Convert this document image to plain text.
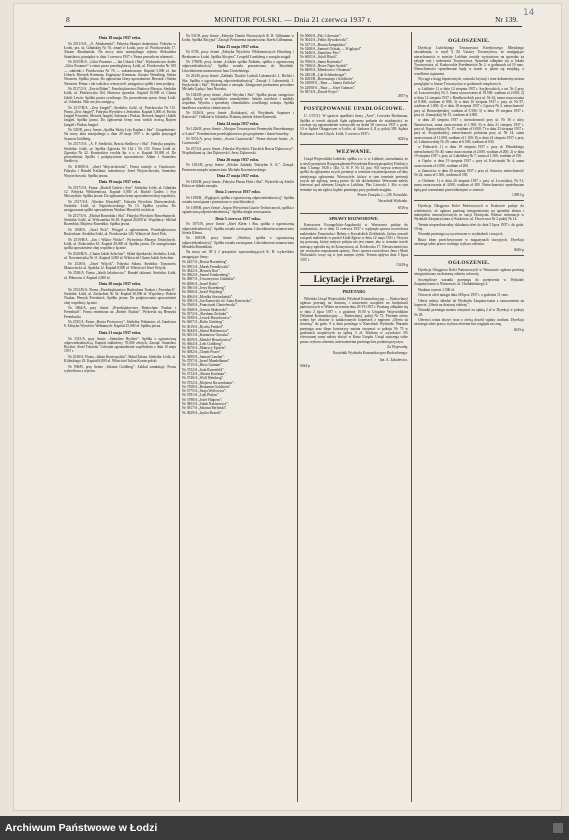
8	MONITOR POLSKI. — Dnia 21 czerwca 1937 r.	Nr 139.
14
Dnia 18 maja 1937 roku.

Nr 2511/3/A. „A. Abrahamski”, Fabryka Skarpet doniesiono. Fabryka w Łodzi, prz. ul. Gdańskiej Nr 76, zmarł w Łodzi, przy ul. Piotrkowskiej 17. Abram Abrahamski. Na mocy aktu notarjalnego rejentu Aleksandra Stanisława, pomiędzy w dniu 1 czerwca 1937 r. Firma przeszła na własność...

Nr 2015/B/A. „Gilos Pozamer — Jan Urbach i Ska”. Wydawnictwo dzieło „Gilos Pozamer” z ziemi przez przedsiębiorcę. Łódź, ul. Piotrkowska Nr 100 — sukienki i Piotrkowska Nr 76 — zakonkowany. Kapitał 5,000 zł. Jan Urbach. Herszek Krenman, Eugenjusz Krenman, Gustaw Wenzberg, Stefan Neustein. Spółka jawna. Do zgłoszenia firmy upoważnieni: Herszek i Stefan Neustein. Prima: i tab wekslu u wierzycieli; zastępstwo spółki i inne podpisy.

Nr 2517/2/A. „Erwin Böhm”, Przedsiębiorstwo Budowy Maszyn. Siedziba Łódź, ul. Piotrkowska 164. Hurtowa sprzedaż. Kapitał 10,000 zł. Chaim Jakób Lewin. Spółka prawa cywilnego. Do prowadzenia spraw firmy Łódź, ul. Gdańska. Nikt nie jest zastępcą.

Nr 2517/B/A. „Zew Jangiel”, Siedziba: Łódź, ul. Piotrkowska Nr 115. Firma „Zew Jangiel”, Fabryka Wyrobów z Jedwabiu. Kapitał 5,000 zł. Pachis Jangiel Pomirski, Moszek Jangiel, Salomon i Pinkus, Herszek Jangiel i Jakób Jangiel. Spółka jawna. Do zgłoszenia firmy oraz weksli tworzą Rojzen Jangiel i Pinkus Jangiel.

Nr 529/B, prwy firmie „Spółka Skórę Leja Kaplan i Ska”. Uzupełnienie: Na mocy aktu notarjalnego z dnia 29 maja 1937 r. do spółki przystąpił Szymon Goldberg.

Nr 2517/3/A. „A. F. Siedlecki, Bracia Siedleccy i Ska”. Fabryka przędzy. Siedziba: Łódź, ul. Spółka Zgierska Nr 144 i Nr 135. Firma Łódź ul. Zgierska Nr 22. Konstruktor zwykła Sp. z o. o. Kapitał 50,000 zł. Do prowadzenia Spółki i podpisywania upoważnieni: Adam i Stanisław Siedleccy.

Nr 1169/B/A. „Józef Wojciechowski”, Firma istnieje w Ozorkowie. Fabryka i Handel Kaflami; udziałowcy: Józef Wojciechowski, Stanisław Wojciechowski. Spółka jawna.

Dnia 19 maja 1937 roku.

Nr 2517/3/A. Firma: „Rudolf Gadeis i Syn”. Siedziba: Łódź, ul. Gdańska 12. Fabryka Włókiennicza. Kapitał 5,000 zł. Rudolf Gadeis i Syn Mieczysław. Spółka jawna. Do zgłaszania firmy upoważnieni obaj wspólnicy.

Nr 2517/3/A. „Wacław Hirszfeld”, Fabryka Wyrobów Dziewiarskich. Siedziba: Łódź, ul. Napiórkowskiego Nr 13. Spółka cywilna. Do zastępowania spółki upoważniony Wacław Hirszfeld osobiście.

Nr 2517/5/A. „Michał Rozenblat i Ska”. Fabryka Wyrobów Bawełnianych. Siedziba: Łódź, ul. Wólczańska Nr 65. Kapitał 20,000 zł. Wspólnicy: Michał Rozenblat, Mojżesz Rozenblat. Spółka jawna.

Nr 1008/A. „Józef Pick”. Wstąpił z ogłoszeniem. Przedsiębiorstwo Budowlane. Siedziba Łódź, ul. Piotrkowska 120. Właściciel Józef Pick.

Nr 2519/B/A. „Jan i Wiktor Wittke”. Wytwórnia Maszyn Tekstylnych. Łódź, ul. Rokicińska 65. Kapitał 40,000 zł. Spółka jawna. Do zastępowania spółki upoważnieni obaj wspólnicy łącznie.

Nr 2520/B/A. „Chaim Jakób Szlechter”, Skład Aptekarski. Siedziba: Łódź, ul. Nowomiejska Nr 11. Kapitał 3,000 zł. Właściciel Chaim Jakób Szlechter.

Nr 2528/A. „Józef Wójcik”, Fabryka Sukna. Siedziba: Tomaszów Mazowiecki, ul. Spalska 12. Kapitał 8,000 zł. Właściciel Józef Wójcik.

Nr 2530/A. Firma „Jakób Jakubowicz”. Handel skórami. Siedziba: Łódź, ul. Północna 4. Kapitał 2,000 zł.

Dnia 20 maja 1937 roku.

Nr 2531/B/A. Firma „Przedsiębiorstwo Budowlane Noakar i Ferenbach”. Siedziba: Łódź, ul. Zachodnia Nr 34. Kapitał 30,000 zł. Wspólnicy: Robert Noakar, Henryk Ferenbach. Spółka jawna. Do podpisywania upoważnieni obaj wspólnicy łącznie.

Nr 1864/A, przy firmie „Przedsiębiorstwo Budowlane Noakar i Ferenbach”. Firma zmieniona na „Robert Noakar”. Wykreśla się Henryka Ferenbacha.

Nr 2535/A. Firma „Bracia Piotrowscy”. Siedziba: Pabianice, ul. Zamkowa 8. Fabryka Wyrobów Wełnianych. Kapitał 25,000 zł. Spółka jawna.

Dnia 21 maja 1937 roku.

Nr 1515/A, przy firmie „Stanisław Rychter”. Spółka z ograniczoną odpowiedzialnością. Kapitał zakładowy 70,000 złotych. Zarząd: Stanisław Rychter, Józef Tokarski. Uchwała zgromadzenia wspólników z dnia 10 maja 1937 r.

Nr 2538/A. Firma „Julian Koniecpolski”, Skład Żelaza. Siedziba: Łódź, ul. Kilińskiego 28. Kapitał 6,000 zł. Właściciel Julian Koniecpolski.

Nr 936/B, przy firmie „Szlama Goldberg”. Zakład zamknięty. Firma wykreślona z rejestru.

Nr 531/B, przy firmie „Fabryka Tkanin Wzorzystych R. B. Gilbmann w Łodzi, Spółka Akcyjna”. Zarząd: Prokurenta ustanowiono Józefa Gilbmanna.

Dnia 25 maja 1937 roku.

Nr 67/B, prwy firmie „Fabryka Wyrobów Włókienniczych Hirszberg i Birnbaum w Łodzi, Spółka Akcyjna”. Leopold Landsberg z zarządu ustąpił.

Nr 1789/B, prwy firmie „Łódzka spółka Nabiału, spółka z ograniczoną odpowiedzialnością”. Spółka została przeniesiona do Skrzelnik. Likwidatorem ustanowiono Jana Ciesielskiego.

Nr 261/B, prwy firmie „Zakłady Tkackie Ludwik Lubomirski. L. Bielski i Ska. Spółka z ograniczoną odpowiedzialnością”. Zarząd: I. Lubomirski. J. Strykowski i Ska”. Wykreślono z zarządu. Zastępcami prokuranta powołano Michała Gąskę i Jana Nowaka.

Nr 1643/B, prwy firmie „Józef Woydan i Ska”. Spółka jawna, zastępstwo spółki: każdy ze wspólników samodzielnie. Szkoła wyrobów i zakłady wspólnot. Wyrobu i sprzedaży chemikaliów wszelkiego rodzaju. Spółka handlowa wyrobów chemicznych.

Nr 1026/A, prwy firmie „Kodakopol, wł. Woydanek, Szpauser i Kniewski”. Oddział w Gdańsku. Prokurę udziela Adam Kniewski.

Dnia 24 maja 1937 roku.

Nr 1226/B, prwy firmie „Akcyjne Towarzystwo Przemysłu Bawełnianego w Łodzi”. Przedmiotem przedsiębiorstwa jest przędzenie i tkanie bawełny.

Nr 9551/A, prwy firmie „Arcon Czarnowski”. Firma obecnie brzmi „A. Czarnowski”.

Nr 2572/A, prwy firmie „Fabryka Wyrobów Tkackich Bracia Dąbrowscy”. Wspólnikami są: Jan Dąbrowski i Jerzy Dąbrowski.

Dnia 26 maja 1937 roku.

Nr 1651/B, prwy firmie „Polskie Zakłady Tekstylne S. A.”. Zarząd: Prezesem zarządu ustanowiono Michała Korzeniewskiego.

Dnia 27 maja 1937 roku.

Nr 1456/B, prwy firmie „Fabryka Pluszu Holz i Ska”. Wykreśla się Adolfa Holza ze składu zarządu.

Dnia 2 czerwca 1937 roku.

Nr 1198/B, „Węglopol, spółka z ograniczoną odpowiedzialnością”. Spółka została rozwiązana i postawiona w stan likwidacji.

Nr 1189/B, prwy firmie „Argon Wytwórnia Gazów Technicznych, spółka z ograniczoną odpowiedzialnością”. Spółka uległa rozwiązaniu.

Dnia 3 czerwca 1937 roku.

Nr 1071/B, prwy firmie „Józef Klein i Ska, spółka z ograniczoną odpowiedzialnością”. Spółka została rozwiązana. Likwidatorem ustanowiono Józefa Kleina.

Nr 1683/B, prwy firmie „Wartbos, spółka z ograniczoną odpowiedzialnością”. Spółka została rozwiązana. Likwidatorem ustanowiono Mendela Rosenblata.

Na mocy art. 38 § 2 przepisów wprowadzających K. H. wykreślono następujące firmy:

Nr 2457/A „Bracia Rozenberg”.

Nr 3901/A „Marek Frendlowski”.

Nr 3842/A „Henoch Kon”.

Nr 3862/A „Szmul Frankenberg”.

Nr 3887/A „Towarzystwo Gdańskie”.

Nr 4006/A „Izrael Kohn”.

Nr 3961/A „Jerzy Rozenberg”.

Nr 3966/A „Izrael Wajsberg”.

Nr 4064/A „Mordka Starozdański”.

Nr 3581/A „Jan Kanowski wł. Anna Kanowska”.

Nr 3560/A „Franciszek Chmielewski”.

Nr 3568/A „Gerson Skalewski”.

Nr 3572/A „Abraham Zielonki”.

Nr 3590/A „Lewek Boruchowicz”.

Nr 3607/A „Rufin Ginsberg”.

Nr 3619/A „Rywka Frenkel”.

Nr 3644/A „Szmul Rubinowicz”.

Nr 3651/A „Kazimierz Gruszka”.

Nr 3659/A „Mendel Herszkowicz”.

Nr 3664/A „Leib Goldberg”.

Nr 3670/A „Maurycy Epstein”.

Nr 3682/A „Chaim Fiszer”.

Nr 3699/A „Samuel Landau”.

Nr 3707/A „Izrael Mandelbaum”.

Nr 3715/A „Hirsz Gutman”.

Nr 3722/A „Juda Rozenfeld”.

Nr 3734/A „Abram Kaufman”.

Nr 3740/A „Wolf Weinberg”.

Nr 3752/A „Mojżesz Kirszenbaum”.

Nr 3768/A „Beniamin Goldstein”.

Nr 3775/A „Szaja Wolfowicz”.

Nr 3781/A „Lejb Pinkus”.

Nr 3798/A „Józef Halpern”.

Nr 3803/A „Jakub Rabinowicz”.

Nr 3817/A „Szloma Berlinski”.

Nr 3829/A „Izydor Brandt”.

Nr 5006/A „Pik i Libersam”.

Nr 5044/A „Feliks Rywakowski”.

Nr 5271/A „Bronia Kempińska”.

Nr 5208/A „Samuel Ochsak — Wąglopol”.

Nr 5446/A „Stanisław Pers”.

Nr 6005/A „Adolf Błach”.

Nr 7006/A „Sama Rozenzka”.

Nr 7496/A „Herze Najer Szolek”.

Nr 8409/A „Mendowicz i Neuman”.

Nr 2401/B „Lah Schlensberger”.

Nr 2603/B „Borensztajn i Goldstein”.

Nr 23099/A „ Bara — Janina Zielicka”.

Nr 22000/A „ Bara — Józef Gutman”.

Nr 5874/A „Dawid Frejer”.

2957-p
POSTĘPOWANIE UPADŁOŚCIOWE.

U. 1/37/21. W sprawie upadłości firmy „Arce”, Leworka Hochmana, Spółka w trzech akcjach Sądu ogłoszono podanie do wiadomości, że zwołuje się zgromadzenie wierzycieli na dzień 30 czerwca 1937 r. godz. 10 w Sądzie Okręgowym w Łodzi, ul. Sadowa 4, II p. pokój 309. Sędzia Komisarz: Leon Ulrych. Łódź, 5 czerwca 1937 r.

6025-p
WEZWANIE.

Urząd Wojewódzki Lubelski, spółka z o. o. w Lublinie, zawiadamia, że w myśl przepisów Rozporządzenia Prezydenta Rzeczypospolitej Polskiej z dnia 3 lutego 1928 r. (Dz. U. R. P. Nr 13, poz. 93) wzywa wierzycieli spółki do zgłoszenia swych pretensji w terminie trzymiesięcznym od daty niniejszego ogłoszenia. Wierzyciele, którzy w tym terminie pretensji swych nie zgłoszą, utracą prawo do ich dochodzenia. Wezwania należy kierować pod adresem Urzędu w Lublinie, Plac Litewski 1. Kto w tym terminie się nie zgłosi, będzie pominięty przy podziale majątku.

Prezes Zarządu: (—) M. Kowalski.
Naczelnik Wydziału.
6516-p
SPRAWY ROZWODOWE.

Konsystorz Ewangelicko-Augsburski w Warszawie podaje do wiadomości, że w dniu 15 czerwca 1937 r. wpłynęła sprawa rozwodowa małżonków Franciszka i Heleny z Kowalskich Zielińskich, którzy zawarli związek małżeński w parafii Łódź-Zgierz w dniu 12 maja 1931 r. Wzywa się pozwaną, której miejsce pobytu nie jest znane, aby w terminie trzech miesięcy zgłosiła się do Konsystorza, ul. Królewska 17. Niestawiennictwo nie wstrzyma rozpoznania sprawy. Oraz: sprawa rozwodowa Jana i Marii Walczaków toczy się w tym samym trybie. Termin upływa dnia 5 lipca 1937 r.

15418-g
Licytacje i Przetargi.
PRZETARG

Wileński Urząd Wojewódzki (Wydział Komunikacyjny — Budowlany) ogłasza przetarg na dostawę i ustawienie urządzeń na budynkach państwowych w Wilnie na termin dnia 29.VI.1937 r. Przetarg odbędzie się w dniu 2 lipca 1937 r. o godzinie 10.00 w Urzędzie Wojewódzkim (Wydział Komunikacyjny — Budowlany), pokój Nr 75. Pisemne oferty winny być złożone w zalakowanych kopertach z napisem „Oferta na dostawę” do godz. 9 w dniu przetargu w Kancelarii Wydziału. Warunki przetargu oraz ślepe kosztorysy można otrzymać w pokoju Nr 75 w godzinach urzędowych za opłatą 3 zł. Wadium w wysokości 5% oferowanej sumy należy złożyć w Kasie Urzędu. Urząd zastrzega sobie prawo wyboru oferenta, unieważnienia przetargu bez podania przyczyn.

Za Wojewodę:
Naczelnik Wydziału Komunikacyjno-Budowlanego:
Inż. A. Zakolewicz.
6044-p
OGŁOSZENIE.

Dyrekcja Lubelskiego Towarzystwa Kredytowego Miejskiego zawiadamia, w myśl § 82 Ustawy Towarzystwa, że następujące nieruchomości w mieście Lublinie zostały wystawione na sprzedaż za zaległe raty i należności Towarzystwa. Sprzedaż odbędzie się w lokalu Towarzystwa, ul. Krakowskie Przedmieście Nr 2, w godzinach od 10 rano. Nieruchomości sprzedawane będą w stanie w jakim się znajdują, z wszelkimi ciężarami.

Wyciągi z ksiąg hipotecznych, warunki licytacji i inne dokumenty można przeglądać w biurze Towarzystwa w godzinach urzędowych.

w Lublinie: 1) w dniu 12 sierpnia 1937 r. Szyjkowskich, z art. Nr 2 przy ul. Łuszczewskiej Nr 3. Suma oszacowania zł 19.500, wadium zł 2.000; 2) w dniu 12 sierpnia 1937 r. Bendkowskich przy ul. Nr 62, suma oszacowania zł 8.000, wadium zł 800; 3) w dniu 16 sierpnia 1937 r. przy ul. Nr 97, wadium zł 1.000; 4) w dniu 18 sierpnia 1937 r. Lipowa Nr 2, nieruchomość przy ul. Bernardyńskiej, wadium zł 5.500; 5) w dniu 19 sierpnia 1937 r. przy ul. Zamojskiej Nr 15, wadium zł 4.000.

w dniu 20 sierpnia 1937 r. nieruchomość przy ul. Nr 36 z ulicy Narutowicza, suma oszacowania zł 1.500; 6) w dniu 21 sierpnia 1937 r. przy ul. Kapucyńskiej Nr 17, wadium zł 3.000; 7) w dniu 23 sierpnia 1937 r. przy ul. Świętoduskiej, nieruchomość położona przy ul. Nr 14, suma oszacowania zł 11.000, wadium zł 1.100; 8) w dniu 24 sierpnia 1937 r. przy ul. Lubartowskiej Nr 29, suma zł 6.500, wadium zł 650.

w Puławach: 1) w dniu 19 sierpnia 1937 r. przy ul. Piłsudskiego nieruchomość Nr 40, suma oszacowania zł 2.000, wadium zł 200; 2) w dniu 19 sierpnia 1937 r. przy ul. Lubelskiej Nr 7, suma zł 1.500, wadium zł 150.

w Opolu: w dniu 19 sierpnia 1937 r. przy ul. Kościuszki Nr 4, suma oszacowania zł 2.000, wadium zł 200.

w Zamościu: w dniu 20 sierpnia 1937 r. przy ul. Staszica, nieruchomość Nr 24, suma zł 5.500, wadium zł 550.

w Chełmie: 1) w dniu 20 sierpnia 1937 r. przy ul. Lwowskiej, Nr 51, suma oszacowania zł 4.000, wadium zł 400. Nieruchomości sprzedawane będą pod warunkami przewidzianymi w ustawie.

13991-g

Dyrekcja Okręgowa Kolei Państwowych w Krakowie podaje do wiadomości, że ogłasza przetarg nieograniczony na sprzedaż złomu i materjałów staroużytecznych ze stacji Oświęcim. Bliższe informacje w Wydziale Zaopatrywania w Krakowie, ul. Dworcowa Nr 2 pokój Nr 14.

Termin nieprzekraczalny składania ofert do dnia 5 lipca 1937 r. do godz. 10-tej.

Warunki przetargu są wywieszone w wydziałach i stacjach.

Biura złom przechowywane w magazynach stacyjnych. Dyrekcja zastrzega sobie prawo wolnego wyboru oferenta.

6026-p
OGŁOSZENIE.

Dyrekcja Okręgowa Kolei Państwowych w Warszawie ogłasza przetarg nieograniczony na dostawę odzieży roboczej.

Szczegółowe warunki przetargu do przejrzenia w Wydziale Zaopatrywania w Warszawie, ul. Chałubińskiego 4.

Wadium wynosi 1.500 zł.

Otwarcie ofert nastąpi dnia 28 lipca 1937 r. o godzinie 11 rano.

Oferty należy składać do Wydziału Zaopatrywania z oznaczeniem na kopercie „Oferta na dostawę odzieży”.

Warunki przetargu można otrzymać za opłatą 2 zł w Dyrekcji w pokoju Nr 28.

Oferenci winni złożyć wraz z ofertą dowód wpłaty wadium. Dyrekcja zastrzega sobie prawo wyboru oferenta bez względu na cenę.

6015-p
Archiwum Państwowe w Łodzi
